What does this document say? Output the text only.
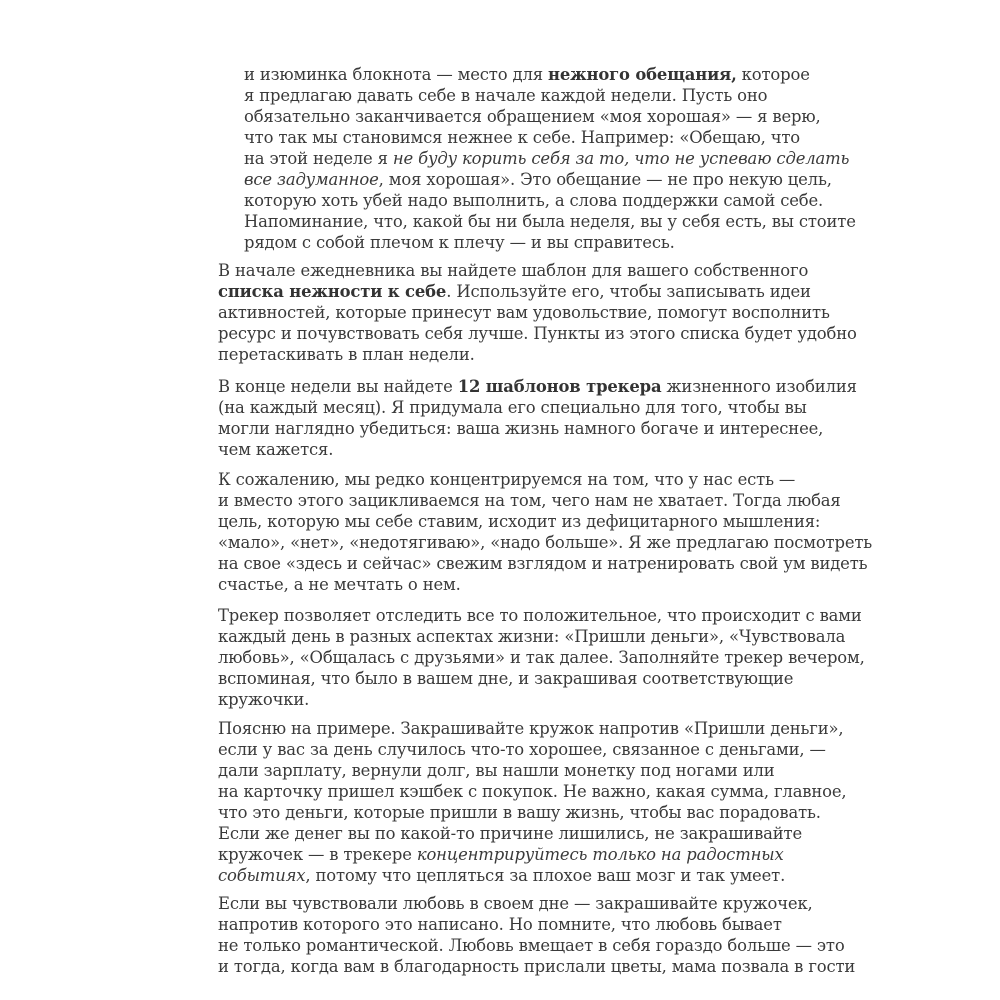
и изюминка блокнота — место для нежного обещания, которое
я предлагаю давать себе в начале каждой недели. Пусть оно
обязательно заканчивается обращением «моя хорошая» — я верю,
что так мы становимся нежнее к себе. Например: «Обещаю, что
на этой неделе я не буду корить себя за то, что не успеваю сделать
все задуманное, моя хорошая». Это обещание — не про некую цель,
которую хоть убей надо выполнить, а слова поддержки самой себе.
Напоминание, что, какой бы ни была неделя, вы у себя есть, вы стоите
рядом с собой плечом к плечу — и вы справитесь.
В начале ежедневника вы найдете шаблон для вашего собственного
списка нежности к себе. Используйте его, чтобы записывать идеи
активностей, которые принесут вам удовольствие, помогут восполнить
ресурс и почувствовать себя лучше. Пункты из этого списка будет удобно
перетаскивать в план недели.
В конце недели вы найдете 12 шаблонов трекера жизненного изобилия
(на каждый месяц). Я придумала его специально для того, чтобы вы
могли наглядно убедиться: ваша жизнь намного богаче и интереснее,
чем кажется.
К сожалению, мы редко концентрируемся на том, что у нас есть —
и вместо этого зацикливаемся на том, чего нам не хватает. Тогда любая
цель, которую мы себе ставим, исходит из дефицитарного мышления:
«мало», «нет», «недотягиваю», «надо больше». Я же предлагаю посмотреть
на свое «здесь и сейчас» свежим взглядом и натренировать свой ум видеть
счастье, а не мечтать о нем.
Трекер позволяет отследить все то положительное, что происходит с вами
каждый день в разных аспектах жизни: «Пришли деньги», «Чувствовала
любовь», «Общалась с друзьями» и так далее. Заполняйте трекер вечером,
вспоминая, что было в вашем дне, и закрашивая соответствующие
кружочки.
Поясню на примере. Закрашивайте кружок напротив «Пришли деньги»,
если у вас за день случилось что-то хорошее, связанное с деньгами, —
дали зарплату, вернули долг, вы нашли монетку под ногами или
на карточку пришел кэшбек с покупок. Не важно, какая сумма, главное,
что это деньги, которые пришли в вашу жизнь, чтобы вас порадовать.
Если же денег вы по какой-то причине лишились, не закрашивайте
кружочек — в трекере концентрируйтесь только на радостных
событиях, потому что цепляться за плохое ваш мозг и так умеет.
Если вы чувствовали любовь в своем дне — закрашивайте кружочек,
напротив которого это написано. Но помните, что любовь бывает
не только романтической. Любовь вмещает в себя гораздо больше — это
и тогда, когда вам в благодарность прислали цветы, мама позвала в гости
